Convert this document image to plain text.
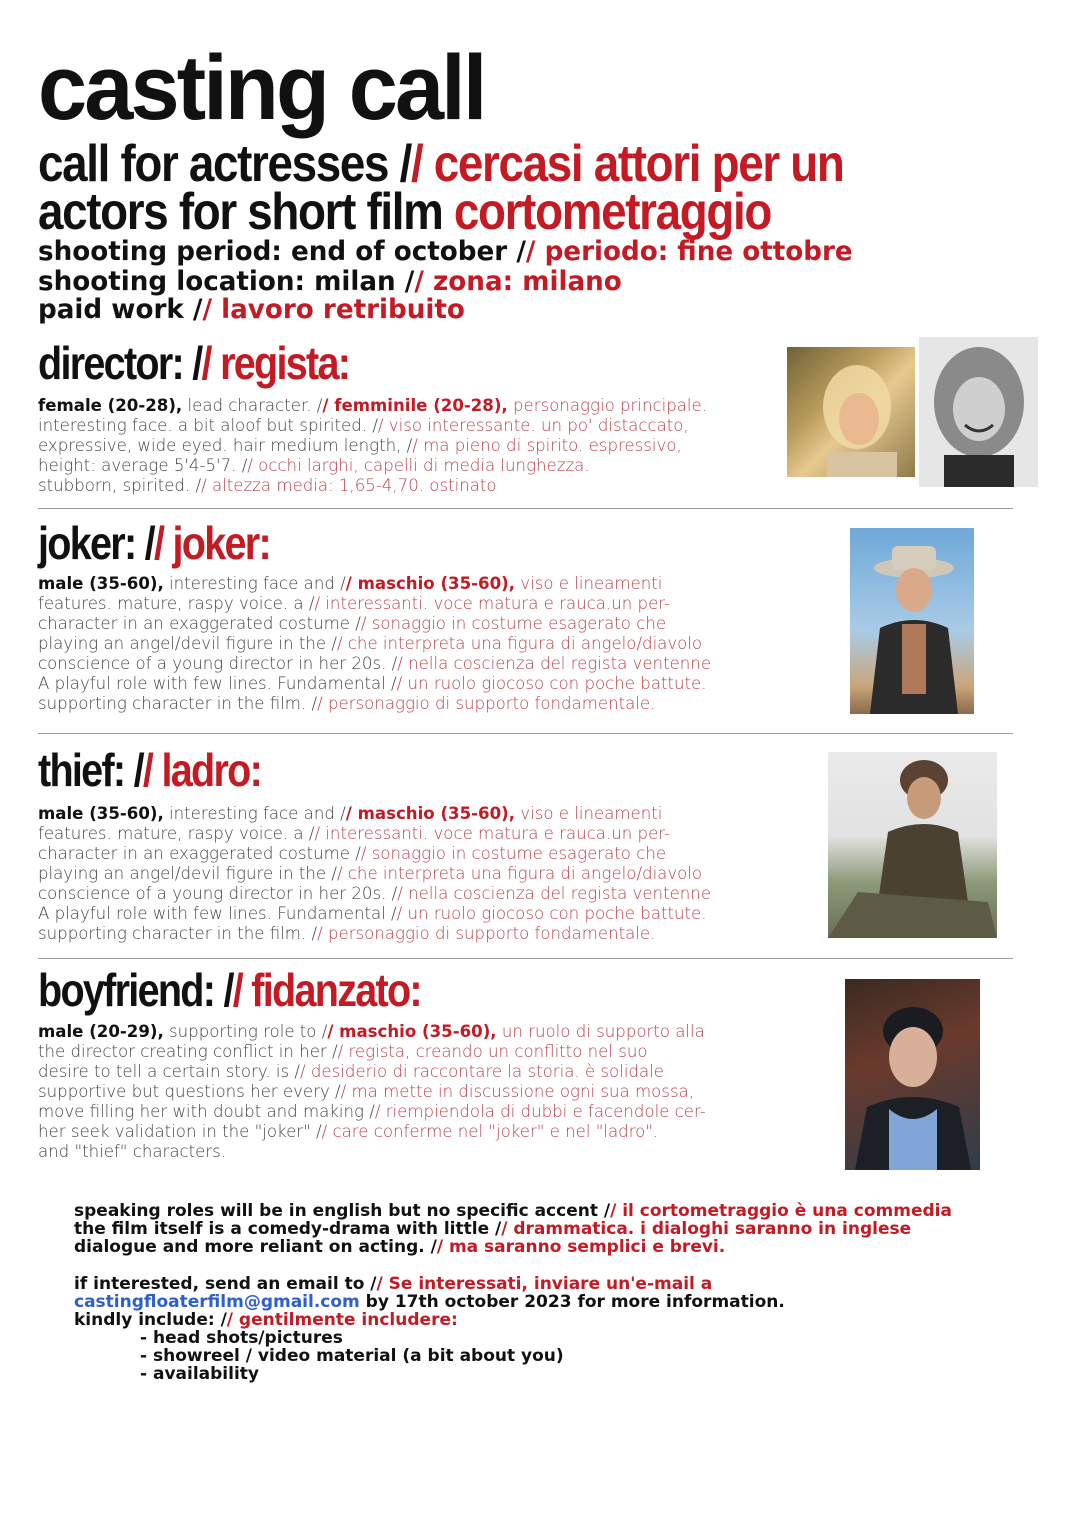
casting call
call for actresses // cercasi attori per un
actors for short film cortometraggio
shooting period: end of october // periodo: fine ottobre
shooting location: milan // zona: milano
paid work // lavoro retribuito
director: // regista:
female (20-28), lead character. // femminile (20-28), personaggio principale.
interesting face. a bit aloof but spirited. // viso interessante. un po' distaccato,
expressive, wide eyed. hair medium length, // ma pieno di spirito. espressivo,
height: average 5'4-5'7. // occhi larghi, capelli di media lunghezza.
stubborn, spirited. // altezza media: 1,65-4,70. ostinato
joker: // joker:
male (35-60), interesting face and // maschio (35-60), viso e lineamenti
features. mature, raspy voice. a // interessanti. voce matura e rauca.un per-
character in an exaggerated costume // sonaggio in costume esagerato che
playing an angel/devil figure in the // che interpreta una figura di angelo/diavolo
conscience of a young director in her 20s. // nella coscienza del regista ventenne
A playful role with few lines. Fundamental // un ruolo giocoso con poche battute.
supporting character in the film. // personaggio di supporto fondamentale.
thief: // ladro:
male (35-60), interesting face and // maschio (35-60), viso e lineamenti
features. mature, raspy voice. a // interessanti. voce matura e rauca.un per-
character in an exaggerated costume // sonaggio in costume esagerato che
playing an angel/devil figure in the // che interpreta una figura di angelo/diavolo
conscience of a young director in her 20s. // nella coscienza del regista ventenne
A playful role with few lines. Fundamental // un ruolo giocoso con poche battute.
supporting character in the film. // personaggio di supporto fondamentale.
boyfriend: // fidanzato:
male (20-29), supporting role to // maschio (35-60), un ruolo di supporto alla
the director creating conflict in her // regista, creando un conflitto nel suo
desire to tell a certain story. is // desiderio di raccontare la storia. è solidale
supportive but questions her every // ma mette in discussione ogni sua mossa,
move filling her with doubt and making // riempiendola di dubbi e facendole cer-
her seek validation in the "joker" // care conferme nel "joker" e nel "ladro".
and "thief" characters.
speaking roles will be in english but no specific accent // il cortometraggio è una commedia
the film itself is a comedy-drama with little // drammatica. i dialoghi saranno in inglese
dialogue and more reliant on acting. // ma saranno semplici e brevi.
if interested, send an email to // Se interessati, inviare un'e-mail a
castingfloaterfilm@gmail.com by 17th october 2023 for more information.
kindly include: // gentilmente includere:
- head shots/pictures
- showreel / video material (a bit about you)
- availability
